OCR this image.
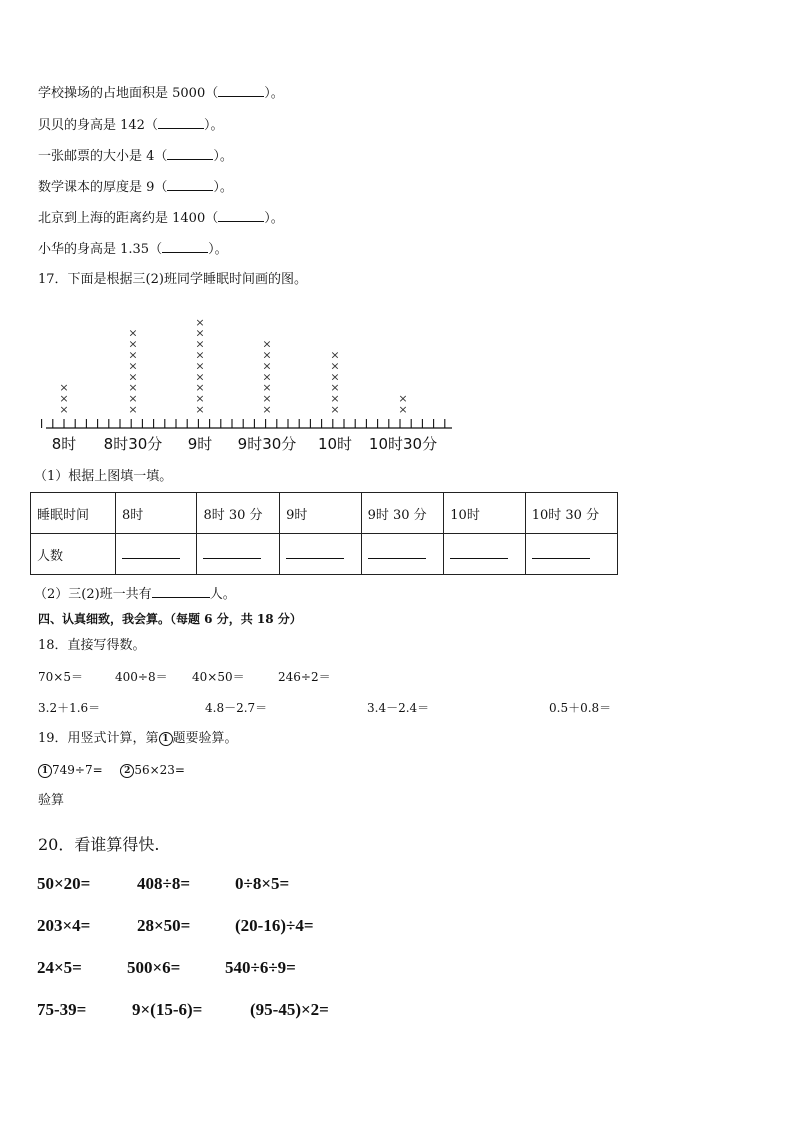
学校操场的占地面积是 5000（	）。
贝贝的身高是 142（	）。
一张邮票的大小是 4（	）。
数学课本的厚度是 9（	）。
北京到上海的距离约是 1400（	）。
小华的身高是 1.35（	）。
17．下面是根据三(2)班同学睡眠时间画的图。
×
×
×
×
×
×
×
×
×
×
×
×
×
×
×
×
×
×
×
×
×
×
×
×
×
×
×
×
×
×
×
×
×
×
×
8时 8时30分 9时 9时30分 10时 10时30分
（1）根据上图填一填。
睡眠时间	8时	8时 30 分	9时	9时 30 分	10时	10时 30 分
人数						
（2）三(2)班一共有	人。
四、认真细致，我会算。（每题 6 分，共 18 分）
18．直接写得数。
70×5＝	400÷8＝ 40×50＝	246÷2＝
3.2＋1.6＝	4.8－2.7＝	3.4－2.4＝	0.5＋0.8＝
19．用竖式计算，第 1 题要验算。
1 749÷7= 2 56×23=
验算
20．看谁算得快.
50×20=	408÷8=	0÷8×5=
203×4=	28×50=	(20-16)÷4=
24×5=	500×6=	540÷6÷9=
75-39=	9×(15-6)=	(95-45)×2=
